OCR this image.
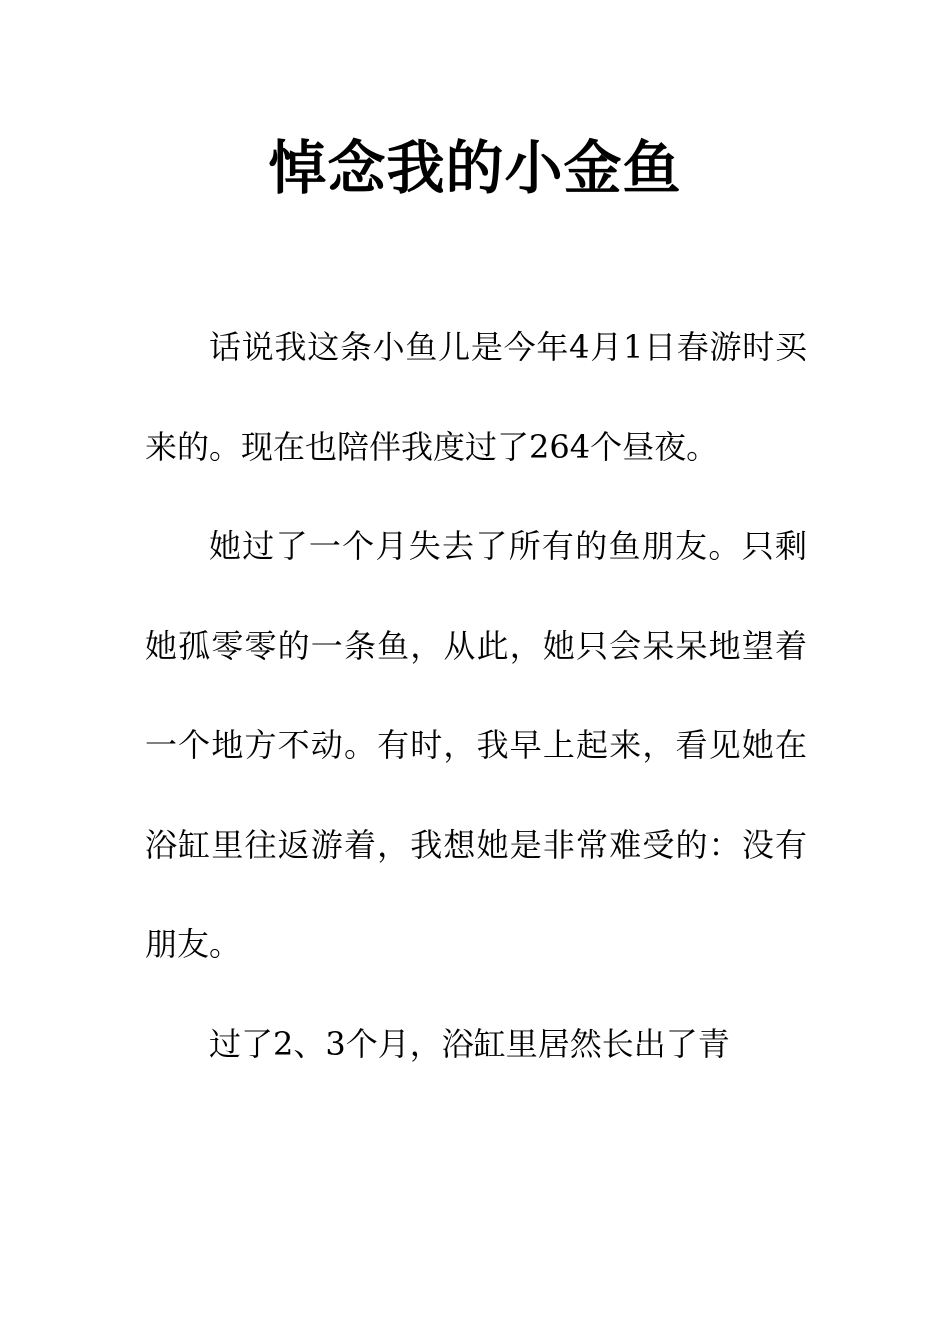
悼念我的小金鱼

话说我这条小鱼儿是今年4月1日春游时买来的。现在也陪伴我度过了264个昼夜。

她过了一个月失去了所有的鱼朋友。只剩她孤零零的一条鱼，从此，她只会呆呆地望着一个地方不动。有时，我早上起来，看见她在浴缸里往返游着，我想她是非常难受的：没有朋友。

过了2、3个月，浴缸里居然长出了青
